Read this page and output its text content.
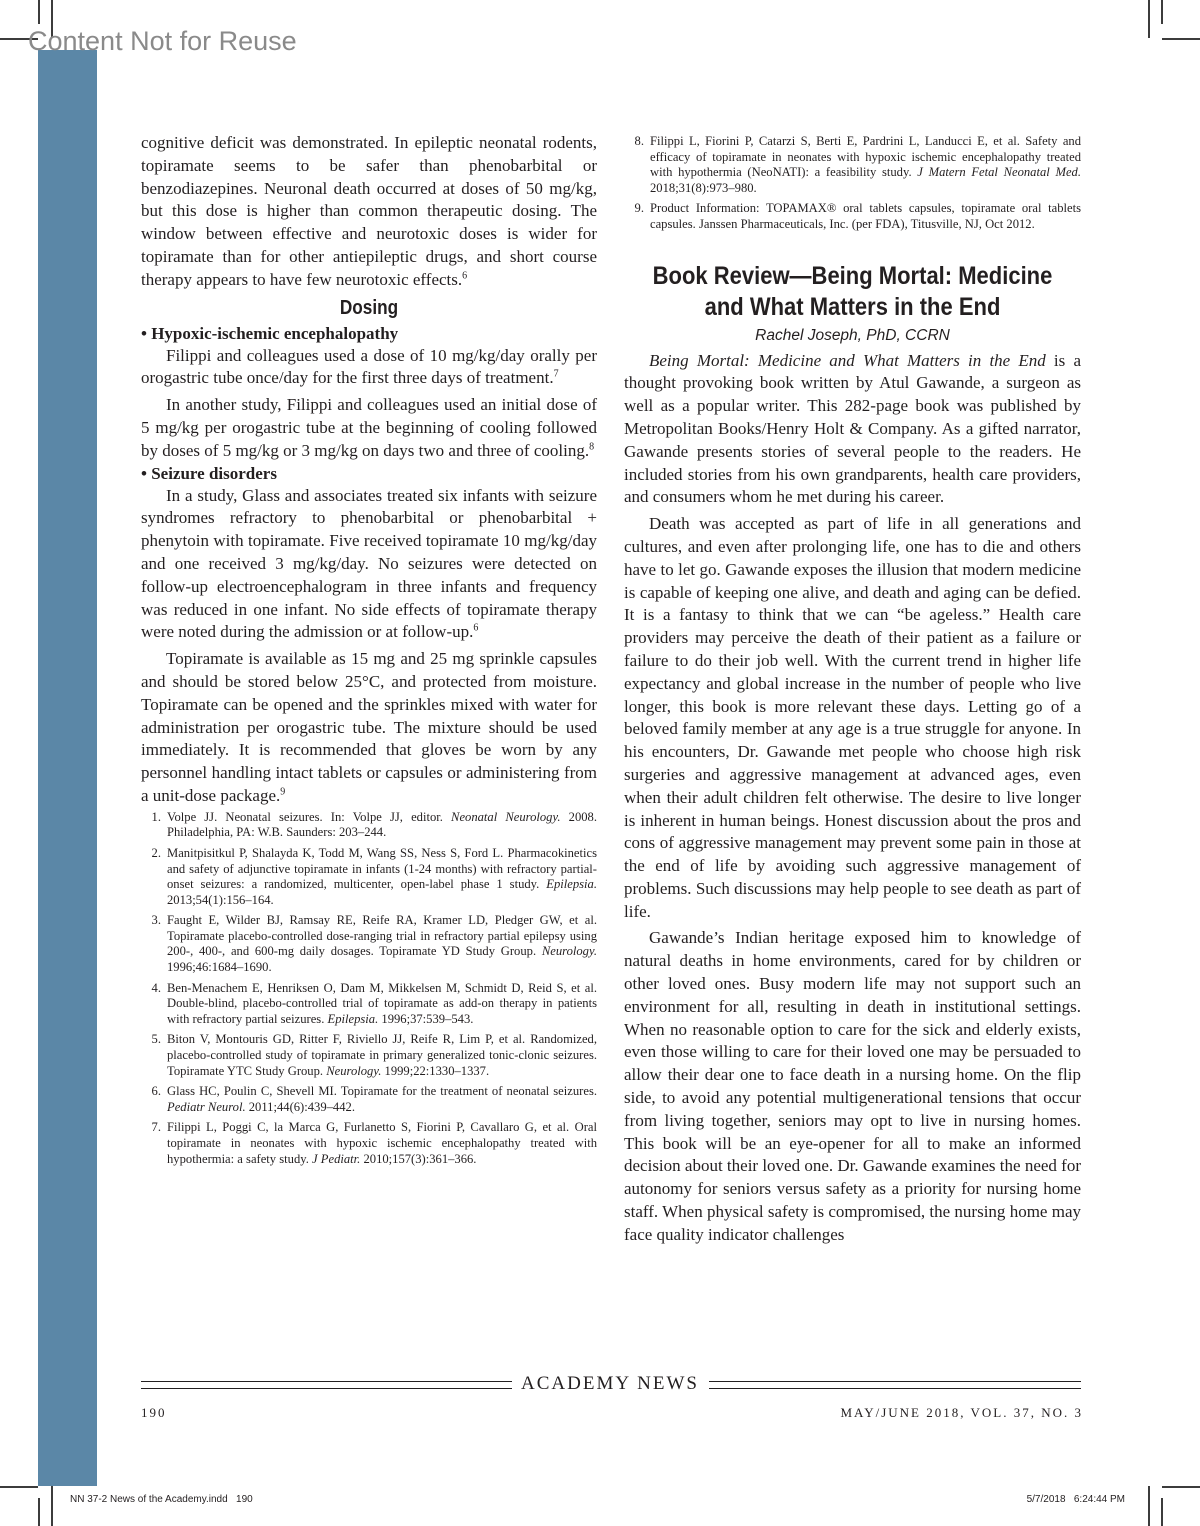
Content Not for Reuse

cognitive deficit was demonstrated. In epileptic neonatal rodents, topiramate seems to be safer than phenobarbital or benzodiazepines. Neuronal death occurred at doses of 50 mg/kg, but this dose is higher than common therapeutic dosing. The window between effective and neurotoxic doses is wider for topiramate than for other antiepileptic drugs, and short course therapy appears to have few neurotoxic effects.$^6$

Dosing

• Hypoxic-ischemic encephalopathy

Filippi and colleagues used a dose of 10 mg/kg/day orally per orogastric tube once/day for the first three days of treatment.$^7$

In another study, Filippi and colleagues used an initial dose of 5 mg/kg per orogastric tube at the beginning of cooling followed by doses of 5 mg/kg or 3 mg/kg on days two and three of cooling.$^8$

• Seizure disorders

In a study, Glass and associates treated six infants with seizure syndromes refractory to phenobarbital or phenobarbital + phenytoin with topiramate. Five received topiramate 10 mg/kg/day and one received 3 mg/kg/day. No seizures were detected on follow-up electroencephalogram in three infants and frequency was reduced in one infant. No side effects of topiramate therapy were noted during the admission or at follow-up.$^6$

Topiramate is available as 15 mg and 25 mg sprinkle capsules and should be stored below 25°C, and protected from moisture. Topiramate can be opened and the sprinkles mixed with water for administration per orogastric tube. The mixture should be used immediately. It is recommended that gloves be worn by any personnel handling intact tablets or capsules or administering from a unit-dose package.$^9$

1. Volpe JJ. Neonatal seizures. In: Volpe JJ, editor. Neonatal Neurology. 2008. Philadelphia, PA: W.B. Saunders: 203–244.
2. Manitpisitkul P, Shalayda K, Todd M, Wang SS, Ness S, Ford L. Pharmacokinetics and safety of adjunctive topiramate in infants (1-24 months) with refractory partial-onset seizures: a randomized, multicenter, open-label phase 1 study. Epilepsia. 2013;54(1):156–164.
3. Faught E, Wilder BJ, Ramsay RE, Reife RA, Kramer LD, Pledger GW, et al. Topiramate placebo-controlled dose-ranging trial in refractory partial epilepsy using 200-, 400-, and 600-mg daily dosages. Topiramate YD Study Group. Neurology. 1996;46:1684–1690.
4. Ben-Menachem E, Henriksen O, Dam M, Mikkelsen M, Schmidt D, Reid S, et al. Double-blind, placebo-controlled trial of topiramate as add-on therapy in patients with refractory partial seizures. Epilepsia. 1996;37:539–543.
5. Biton V, Montouris GD, Ritter F, Riviello JJ, Reife R, Lim P, et al. Randomized, placebo-controlled study of topiramate in primary generalized tonic-clonic seizures. Topiramate YTC Study Group. Neurology. 1999;22:1330–1337.
6. Glass HC, Poulin C, Shevell MI. Topiramate for the treatment of neonatal seizures. Pediatr Neurol. 2011;44(6):439–442.
7. Filippi L, Poggi C, la Marca G, Furlanetto S, Fiorini P, Cavallaro G, et al. Oral topiramate in neonates with hypoxic ischemic encephalopathy treated with hypothermia: a safety study. J Pediatr. 2010;157(3):361–366.
8. Filippi L, Fiorini P, Catarzi S, Berti E, Pardrini L, Landucci E, et al. Safety and efficacy of topiramate in neonates with hypoxic ischemic encephalopathy treated with hypothermia (NeoNATI): a feasibility study. J Matern Fetal Neonatal Med. 2018;31(8):973–980.
9. Product Information: TOPAMAX® oral tablets capsules, topiramate oral tablets capsules. Janssen Pharmaceuticals, Inc. (per FDA), Titusville, NJ, Oct 2012.
Book Review—Being Mortal: Medicine and What Matters in the End

Rachel Joseph, PhD, CCRN

Being Mortal: Medicine and What Matters in the End is a thought provoking book written by Atul Gawande, a surgeon as well as a popular writer. This 282-page book was published by Metropolitan Books/Henry Holt & Company. As a gifted narrator, Gawande presents stories of several people to the readers. He included stories from his own grandparents, health care providers, and consumers whom he met during his career.

Death was accepted as part of life in all generations and cultures, and even after prolonging life, one has to die and others have to let go. Gawande exposes the illusion that modern medicine is capable of keeping one alive, and death and aging can be defied. It is a fantasy to think that we can “be ageless.” Health care providers may perceive the death of their patient as a failure or failure to do their job well. With the current trend in higher life expectancy and global increase in the number of people who live longer, this book is more relevant these days. Letting go of a beloved family member at any age is a true struggle for anyone. In his encounters, Dr. Gawande met people who choose high risk surgeries and aggressive management at advanced ages, even when their adult children felt otherwise. The desire to live longer is inherent in human beings. Honest discussion about the pros and cons of aggressive management may prevent some pain in those at the end of life by avoiding such aggressive management of problems. Such discussions may help people to see death as part of life.

Gawande’s Indian heritage exposed him to knowledge of natural deaths in home environments, cared for by children or other loved ones. Busy modern life may not support such an environment for all, resulting in death in institutional settings. When no reasonable option to care for the sick and elderly exists, even those willing to care for their loved one may be persuaded to allow their dear one to face death in a nursing home. On the flip side, to avoid any potential multigenerational tensions that occur from living together, seniors may opt to live in nursing homes. This book will be an eye-opener for all to make an informed decision about their loved one. Dr. Gawande examines the need for autonomy for seniors versus safety as a priority for nursing home staff. When physical safety is compromised, the nursing home may face quality indicator challenges

ACADEMY NEWS
190	MAY/JUNE 2018, VOL. 37, NO. 3
NN 37-2 News of the Academy.indd   190	5/7/2018   6:24:44 PM
